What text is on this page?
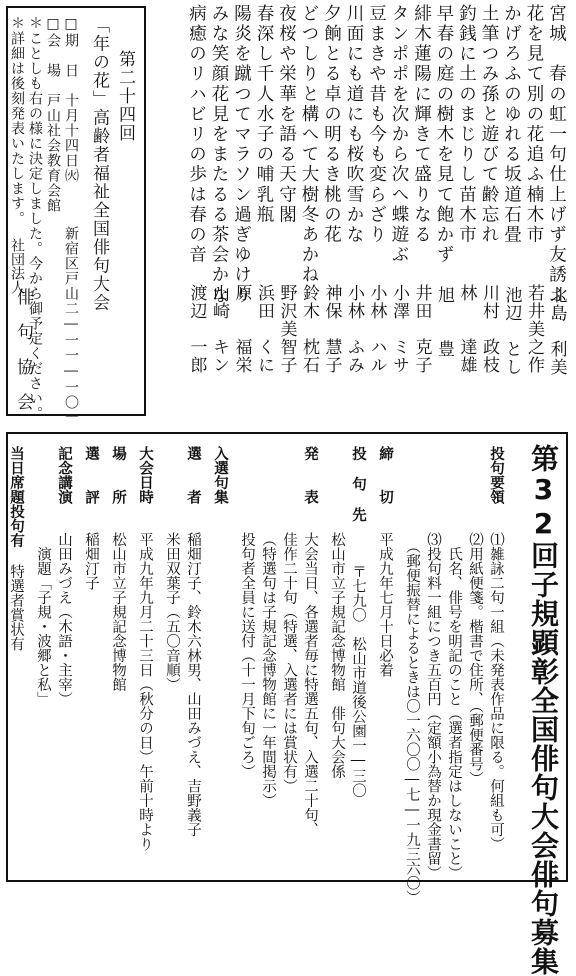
宮城　春の虹一句仕上げず友誘ふ
北島　利美
花を見て別の花追ふ楠木市
若井美之作
かげろふのゆれる坂道石畳
池辺　とし
土筆つみ孫と遊びて齢忘れ
川村　政枝
釣銭に土のまじりし苗木市
林　　達雄
早春の庭の樹木を見て飽かず
旭　　豊
緋木蓮陽に輝きて盛りなる
井田　克子
タンポポを次から次へ蝶遊ぶ
小澤　ミサ
豆まきや昔も今も変らざり
小林　ハル
川面にも道にも桜吹雪かな
小林　ふみ
夕餉とる卓の明るき桃の花
神保　慧子
どつしりと構へて大樹冬あかね
鈴木　枕石
夜桜や栄華を語る天守閣
野沢美智子
春深し千人水子の哺乳瓶
浜田　くに
陽炎を蹴つてマラソン過ぎゆけり
原　　福栄
みな笑顔花見をまたるる茶会かな
山崎　キン
病癒のリハビリの歩は春の音
渡辺　一郎
第二十四回
「年の花」高齢者福祉全国俳句大会
□期　日　十月十四日㈫
□会　場　戸山社会教育会館
新宿区戸山二―一一―一〇一
＊ことしも右の様に決定しました。今から御予定ください。
＊詳細は後刻発表いたします。
社団法人
俳句協会
第32回子規顕彰全国俳句大会俳句募集
投句要領
⑴雑詠二句一組（未発表作品に限る。何組も可）
⑵用紙便箋。楷書で住所、（郵便番号）
　氏名、俳号を明記のこと（選者指定はしないこと）
⑶投句料一組につき五百円（定額小為替か現金書留）
　（郵便振替によるときは〇一六〇〇―七―一九三六〇）
締　　切
平成九年七月十日必着
投 句 先
〒七九〇　松山市道後公園一―三〇
松山市立子規記念博物館　俳句大会係
発　　表
大会当日、各選者毎に特選五句、入選二十句、
佳作二十句（特選、入選者には賞状有）
（特選句は子規記念博物館に一年間掲示）
投句者全員に送付（十一月下旬ごろ）
入選句集
選　　者
稲畑汀子、鈴木六林男、山田みづえ、吉野義子
米田双葉子（五〇音順）
大会日時
平成九年九月二十三日（秋分の日）午前十時より
場　　所
松山市立子規記念博物館
選　　評
稲畑汀子
記念講演
山田みづえ（木語・主宰）
　演題「子規・波郷と私」
当日席題投句有
特選者賞状有
